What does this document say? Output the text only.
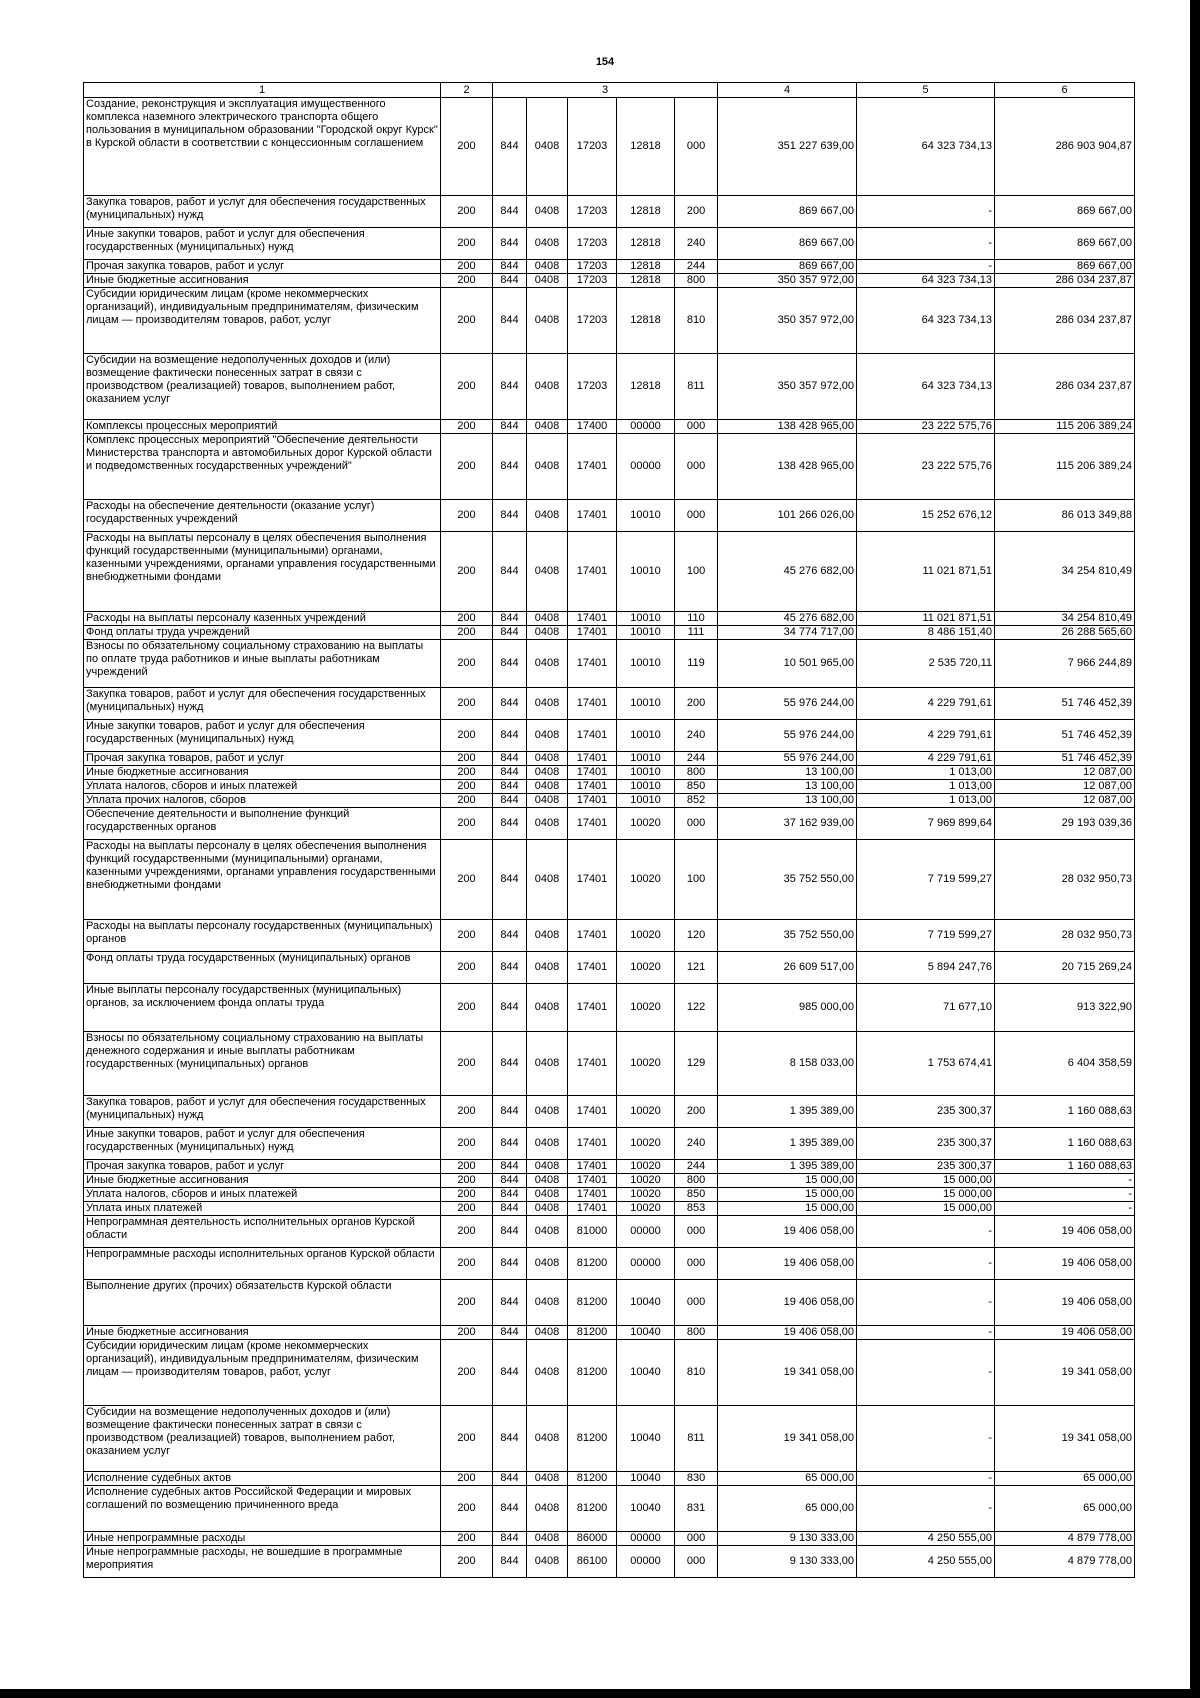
154
1	2	3					4	5	6
Создание, реконструкция и эксплуатация имущественного комплекса наземного электрического транспорта общего пользования в муниципальном образовании "Городской округ Курск" в Курской области в соответствии с концессионным соглашением	200	844	0408	17203	12818	000	351 227 639,00	64 323 734,13	286 903 904,87
Закупка товаров, работ и услуг для обеспечения государственных (муниципальных) нужд	200	844	0408	17203	12818	200	869 667,00	-	869 667,00
Иные закупки товаров, работ и услуг для обеспечения государственных (муниципальных) нужд	200	844	0408	17203	12818	240	869 667,00	-	869 667,00
Прочая закупка товаров, работ и услуг	200	844	0408	17203	12818	244	869 667,00	-	869 667,00
Иные бюджетные ассигнования	200	844	0408	17203	12818	800	350 357 972,00	64 323 734,13	286 034 237,87
Субсидии юридическим лицам (кроме некоммерческих организаций), индивидуальным предпринимателям, физическим лицам — производителям товаров, работ, услуг	200	844	0408	17203	12818	810	350 357 972,00	64 323 734,13	286 034 237,87
Субсидии на возмещение недополученных доходов и (или) возмещение фактически понесенных затрат в связи с производством (реализацией) товаров, выполнением работ, оказанием услуг	200	844	0408	17203	12818	811	350 357 972,00	64 323 734,13	286 034 237,87
Комплексы процессных мероприятий	200	844	0408	17400	00000	000	138 428 965,00	23 222 575,76	115 206 389,24
Комплекс процессных мероприятий "Обеспечение деятельности Министерства транспорта и автомобильных дорог Курской области и подведомственных государственных учреждений"	200	844	0408	17401	00000	000	138 428 965,00	23 222 575,76	115 206 389,24
Расходы на обеспечение деятельности (оказание услуг) государственных учреждений	200	844	0408	17401	10010	000	101 266 026,00	15 252 676,12	86 013 349,88
Расходы на выплаты персоналу в целях обеспечения выполнения функций государственными (муниципальными) органами, казенными учреждениями, органами управления государственными внебюджетными фондами	200	844	0408	17401	10010	100	45 276 682,00	11 021 871,51	34 254 810,49
Расходы на выплаты персоналу казенных учреждений	200	844	0408	17401	10010	110	45 276 682,00	11 021 871,51	34 254 810,49
Фонд оплаты труда учреждений	200	844	0408	17401	10010	111	34 774 717,00	8 486 151,40	26 288 565,60
Взносы по обязательному социальному страхованию на выплаты по оплате труда работников и иные выплаты работникам учреждений	200	844	0408	17401	10010	119	10 501 965,00	2 535 720,11	7 966 244,89
Закупка товаров, работ и услуг для обеспечения государственных (муниципальных) нужд	200	844	0408	17401	10010	200	55 976 244,00	4 229 791,61	51 746 452,39
Иные закупки товаров, работ и услуг для обеспечения государственных (муниципальных) нужд	200	844	0408	17401	10010	240	55 976 244,00	4 229 791,61	51 746 452,39
Прочая закупка товаров, работ и услуг	200	844	0408	17401	10010	244	55 976 244,00	4 229 791,61	51 746 452,39
Иные бюджетные ассигнования	200	844	0408	17401	10010	800	13 100,00	1 013,00	12 087,00
Уплата налогов, сборов и иных платежей	200	844	0408	17401	10010	850	13 100,00	1 013,00	12 087,00
Уплата прочих налогов, сборов	200	844	0408	17401	10010	852	13 100,00	1 013,00	12 087,00
Обеспечение деятельности и выполнение функций государственных органов	200	844	0408	17401	10020	000	37 162 939,00	7 969 899,64	29 193 039,36
Расходы на выплаты персоналу в целях обеспечения выполнения функций государственными (муниципальными) органами, казенными учреждениями, органами управления государственными внебюджетными фондами	200	844	0408	17401	10020	100	35 752 550,00	7 719 599,27	28 032 950,73
Расходы на выплаты персоналу государственных (муниципальных) органов	200	844	0408	17401	10020	120	35 752 550,00	7 719 599,27	28 032 950,73
Фонд оплаты труда государственных (муниципальных) органов	200	844	0408	17401	10020	121	26 609 517,00	5 894 247,76	20 715 269,24
Иные выплаты персоналу государственных (муниципальных) органов, за исключением фонда оплаты труда	200	844	0408	17401	10020	122	985 000,00	71 677,10	913 322,90
Взносы по обязательному социальному страхованию на выплаты денежного содержания и иные выплаты работникам государственных (муниципальных) органов	200	844	0408	17401	10020	129	8 158 033,00	1 753 674,41	6 404 358,59
Закупка товаров, работ и услуг для обеспечения государственных (муниципальных) нужд	200	844	0408	17401	10020	200	1 395 389,00	235 300,37	1 160 088,63
Иные закупки товаров, работ и услуг для обеспечения государственных (муниципальных) нужд	200	844	0408	17401	10020	240	1 395 389,00	235 300,37	1 160 088,63
Прочая закупка товаров, работ и услуг	200	844	0408	17401	10020	244	1 395 389,00	235 300,37	1 160 088,63
Иные бюджетные ассигнования	200	844	0408	17401	10020	800	15 000,00	15 000,00	-
Уплата налогов, сборов и иных платежей	200	844	0408	17401	10020	850	15 000,00	15 000,00	-
Уплата иных платежей	200	844	0408	17401	10020	853	15 000,00	15 000,00	-
Непрограммная деятельность исполнительных органов Курской области	200	844	0408	81000	00000	000	19 406 058,00	-	19 406 058,00
Непрограммные расходы исполнительных органов Курской области	200	844	0408	81200	00000	000	19 406 058,00	-	19 406 058,00
Выполнение других (прочих) обязательств Курской области	200	844	0408	81200	10040	000	19 406 058,00	-	19 406 058,00
Иные бюджетные ассигнования	200	844	0408	81200	10040	800	19 406 058,00	-	19 406 058,00
Субсидии юридическим лицам (кроме некоммерческих организаций), индивидуальным предпринимателям, физическим лицам — производителям товаров, работ, услуг	200	844	0408	81200	10040	810	19 341 058,00	-	19 341 058,00
Субсидии на возмещение недополученных доходов и (или) возмещение фактически понесенных затрат в связи с производством (реализацией) товаров, выполнением работ, оказанием услуг	200	844	0408	81200	10040	811	19 341 058,00	-	19 341 058,00
Исполнение судебных актов	200	844	0408	81200	10040	830	65 000,00	-	65 000,00
Исполнение судебных актов Российской Федерации и мировых соглашений по возмещению причиненного вреда	200	844	0408	81200	10040	831	65 000,00	-	65 000,00
Иные непрограммные расходы	200	844	0408	86000	00000	000	9 130 333,00	4 250 555,00	4 879 778,00
Иные непрограммные расходы, не вошедшие в программные мероприятия	200	844	0408	86100	00000	000	9 130 333,00	4 250 555,00	4 879 778,00
